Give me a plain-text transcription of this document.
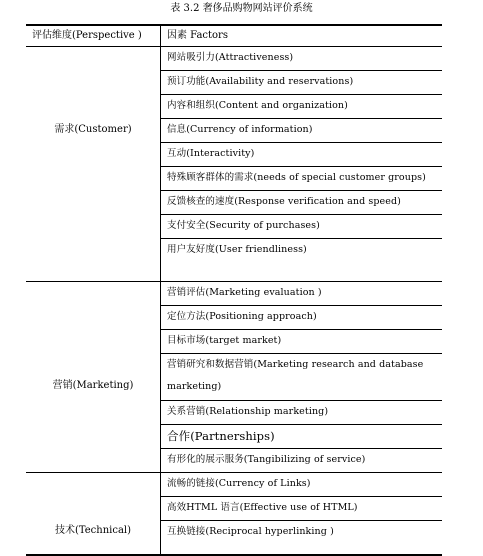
表 3.2 奢侈品购物网站评价系统
评估维度(Perspective )	因素 Factors
需求(Customer)
网站吸引力(Attractiveness)
预订功能(Availability and reservations)
内容和组织(Content and organization)
信息(Currency of information)
互动(Interactivity)
特殊顾客群体的需求(needs of special customer groups)
反馈核查的速度(Response verification and speed)
支付安全(Security of purchases)
用户友好度(User friendliness)
营销(Marketing)
营销评估(Marketing evaluation )
定位方法(Positioning approach)
目标市场(target market)
营销研究和数据营销(Marketing research and database marketing)
关系营销(Relationship marketing)
合作(Partnerships)
有形化的展示服务(Tangibilizing of service)
技术(Technical)
流畅的链接(Currency of Links)
高效HTML 语言(Effective use of HTML)
互换链接(Reciprocal hyperlinking )
